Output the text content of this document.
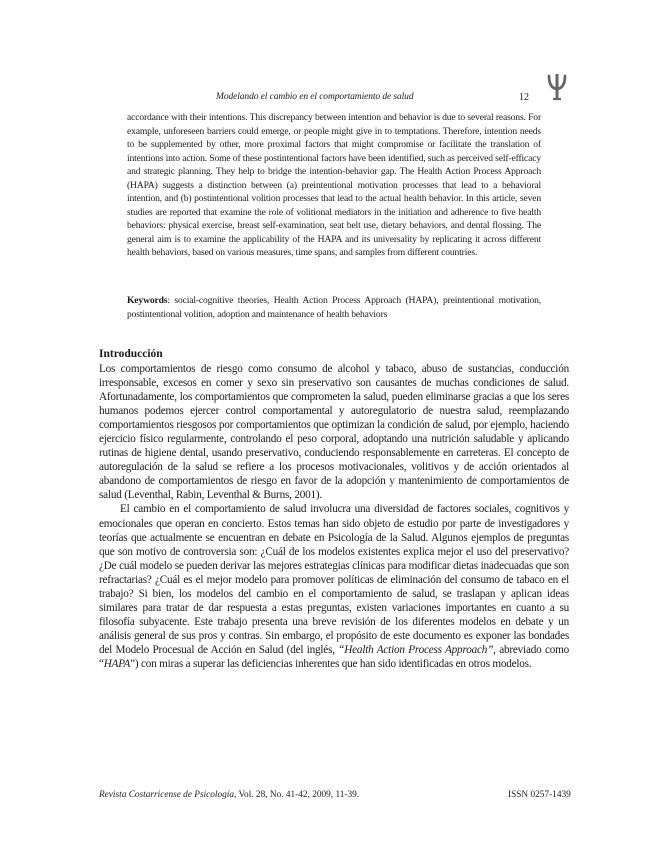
Modelando el cambio en el comportamiento de salud	12
accordance with their intentions. This discrepancy between intention and behavior is due to several reasons. For example, unforeseen barriers could emerge, or people might give in to temptations. Therefore, intention needs to be supplemented by other, more proximal factors that might compromise or facilitate the translation of intentions into action. Some of these postintentional factors have been identified, such as perceived self-efficacy and strategic planning. They help to bridge the intention-behavior gap. The Health Action Process Approach (HAPA) suggests a distinction between (a) preintentional motivation processes that lead to a behavioral intention, and (b) postintentional volition processes that lead to the actual health behavior. In this article, seven studies are reported that examine the role of volitional mediators in the initiation and adherence to five health behaviors: physical exercise, breast self-examination, seat belt use, dietary behaviors, and dental flossing. The general aim is to examine the applicability of the HAPA and its universality by replicating it across different health behaviors, based on various measures, time spans, and samples from different countries.
Keywords: social-cognitive theories, Health Action Process Approach (HAPA), preintentional motivation, postintentional volition, adoption and maintenance of health behaviors
Introducción

Los comportamientos de riesgo como consumo de alcohol y tabaco, abuso de sustancias, conducción irresponsable, excesos en comer y sexo sin preservativo son causantes de muchas condiciones de salud. Afortunadamente, los comportamientos que comprometen la salud, pueden eliminarse gracias a que los seres humanos podemos ejercer control comportamental y autoregulatorio de nuestra salud, reemplazando comportamientos riesgosos por comportamientos que optimizan la condición de salud, por ejemplo, haciendo ejercicio físico regularmente, controlando el peso corporal, adoptando una nutrición saludable y aplicando rutinas de higiene dental, usando preservativo, conduciendo responsablemente en carreteras. El concepto de autoregulación de la salud se refiere a los procesos motivacionales, volitivos y de acción orientados al abandono de comportamientos de riesgo en favor de la adopción y mantenimiento de comportamientos de salud (Leventhal, Rabin, Leventhal & Burns, 2001).

El cambio en el comportamiento de salud involucra una diversidad de factores sociales, cognitivos y emocionales que operan en concierto. Estos temas han sido objeto de estudio por parte de investigadores y teorías que actualmente se encuentran en debate en Psicología de la Salud. Algunos ejemplos de preguntas que son motivo de controversia son: ¿Cuál de los modelos existentes explica mejor el uso del preservativo? ¿De cuál modelo se pueden derivar las mejores estrategias clínicas para modificar dietas inadecuadas que son refractarias? ¿Cuál es el mejor modelo para promover políticas de eliminación del consumo de tabaco en el trabajo? Si bien, los modelos del cambio en el comportamiento de salud, se traslapan y aplican ideas similares para tratar de dar respuesta a estas preguntas, existen variaciones importantes en cuanto a su filosofía subyacente. Este trabajo presenta una breve revisión de los diferentes modelos en debate y un análisis general de sus pros y contras. Sin embargo, el propósito de este documento es exponer las bondades del Modelo Procesual de Acción en Salud (del inglés, “Health Action Process Approach”, abreviado como “HAPA”) con miras a superar las deficiencias inherentes que han sido identificadas en otros modelos.

Revista Costarricense de Psicología, Vol. 28, No. 41-42, 2009, 11-39.	ISSN 0257-1439
